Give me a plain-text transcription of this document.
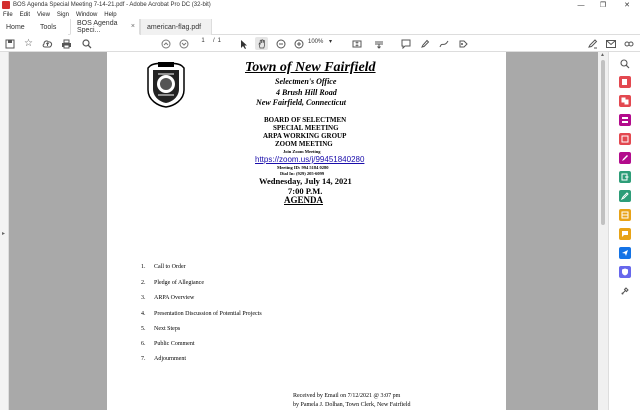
BOS Agenda Special Meeting 7-14-21.pdf - Adobe Acrobat Pro DC (32-bit)	—	❐	✕
File Edit View Sign Window Help
Home	Tools
BOS Agenda Speci...	× american-flag.pdf
☆	1	/ 1	100% ▾
▸
Town of New Fairfield
Selectmen's Office
4 Brush Hill Road
New Fairfield, Connecticut
BOARD OF SELECTMEN
SPECIAL MEETING
ARPA WORKING GROUP
ZOOM MEETING
Join Zoom Meeting
https://zoom.us/j/99451840280
Meeting ID: 994 5184 0280
Dial In: (929) 205-6099
Wednesday, July 14, 2021
7:00 P.M.
AGENDA
1. Call to Order
2. Pledge of Allegiance
3. ARPA Overview
4. Presentation Discussion of Potential Projects
5. Next Steps
6. Public Comment
7. Adjournment
Received by Email on 7/12/2021 @ 3:07 pm
by Pamela J. Dolhan, Town Clerk, New Fairfield
▲
